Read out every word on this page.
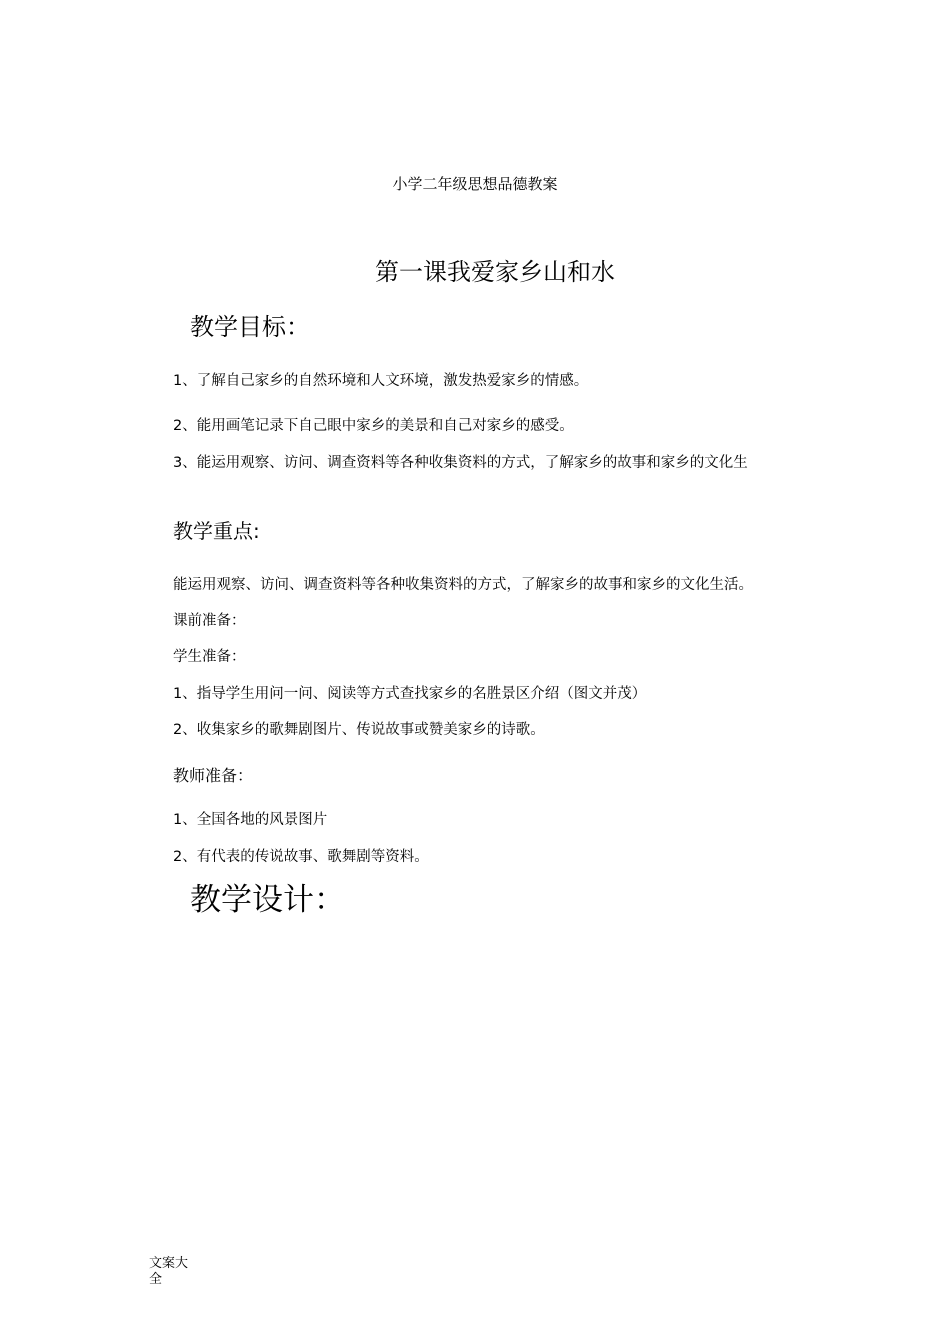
小学二年级思想品德教案
第一课我爱家乡山和水
教学目标：
1、了解自己家乡的自然环境和人文环境，激发热爱家乡的情感。
2、能用画笔记录下自己眼中家乡的美景和自己对家乡的感受。
3、能运用观察、访问、调查资料等各种收集资料的方式，了解家乡的故事和家乡的文化生
教学重点:
能运用观察、访问、调查资料等各种收集资料的方式，了解家乡的故事和家乡的文化生活。
课前准备：
学生准备：
1、指导学生用问一问、阅读等方式查找家乡的名胜景区介绍（图文并茂）
2、收集家乡的歌舞剧图片、传说故事或赞美家乡的诗歌。
教师准备：
1、全国各地的风景图片
2、有代表的传说故事、歌舞剧等资料。
教学设计：
文案大全
